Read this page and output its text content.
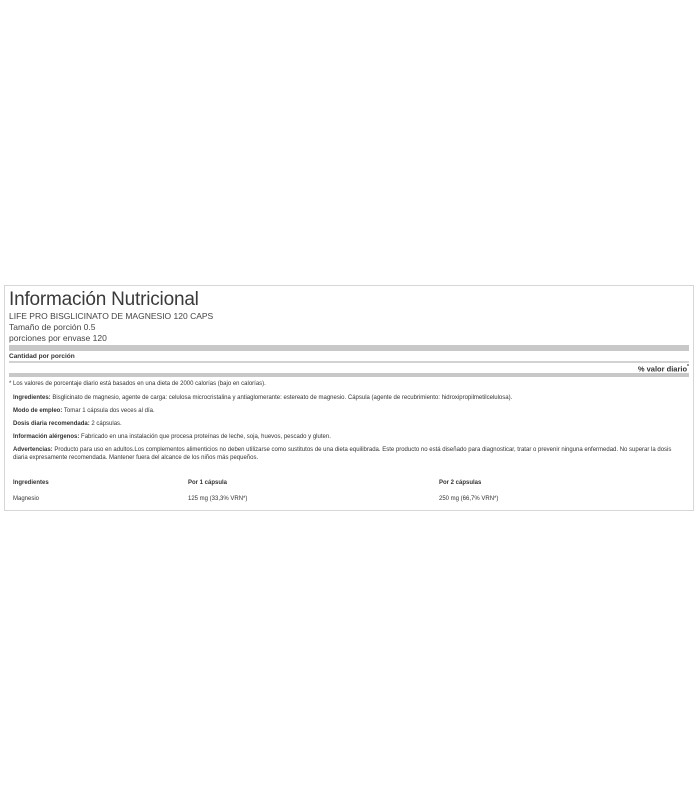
Información Nutricional
LIFE PRO BISGLICINATO DE MAGNESIO 120 CAPS
Tamaño de porción 0.5
porciones por envase 120
Cantidad por porción
% valor diario*
* Los valores de porcentaje diario está basados en una dieta de 2000 calorías (bajo en calorías).
Ingredientes: Bisglicinato de magnesio, agente de carga: celulosa microcristalina y antiaglomerante: estereato de magnesio. Cápsula (agente de recubrimiento: hidroxipropilmetilcelulosa).
Modo de empleo: Tomar 1 cápsula dos veces al día.
Dosis diaria recomendada: 2 cápsulas.
Información alérgenos: Fabricado en una instalación que procesa proteínas de leche, soja, huevos, pescado y gluten.
Advertencias: Producto para uso en adultos.Los complementos alimenticios no deben utilizarse como sustitutos de una dieta equilibrada. Este producto no está diseñado para diagnosticar, tratar o prevenir ninguna enfermedad. No superar la dosis diaria expresamente recomendada. Mantener fuera del alcance de los niños más pequeños.
Ingredientes	Por 1 cápsula	Por 2 cápsulas
Magnesio	125 mg (33,3% VRN*)	250 mg (66,7% VRN*)
